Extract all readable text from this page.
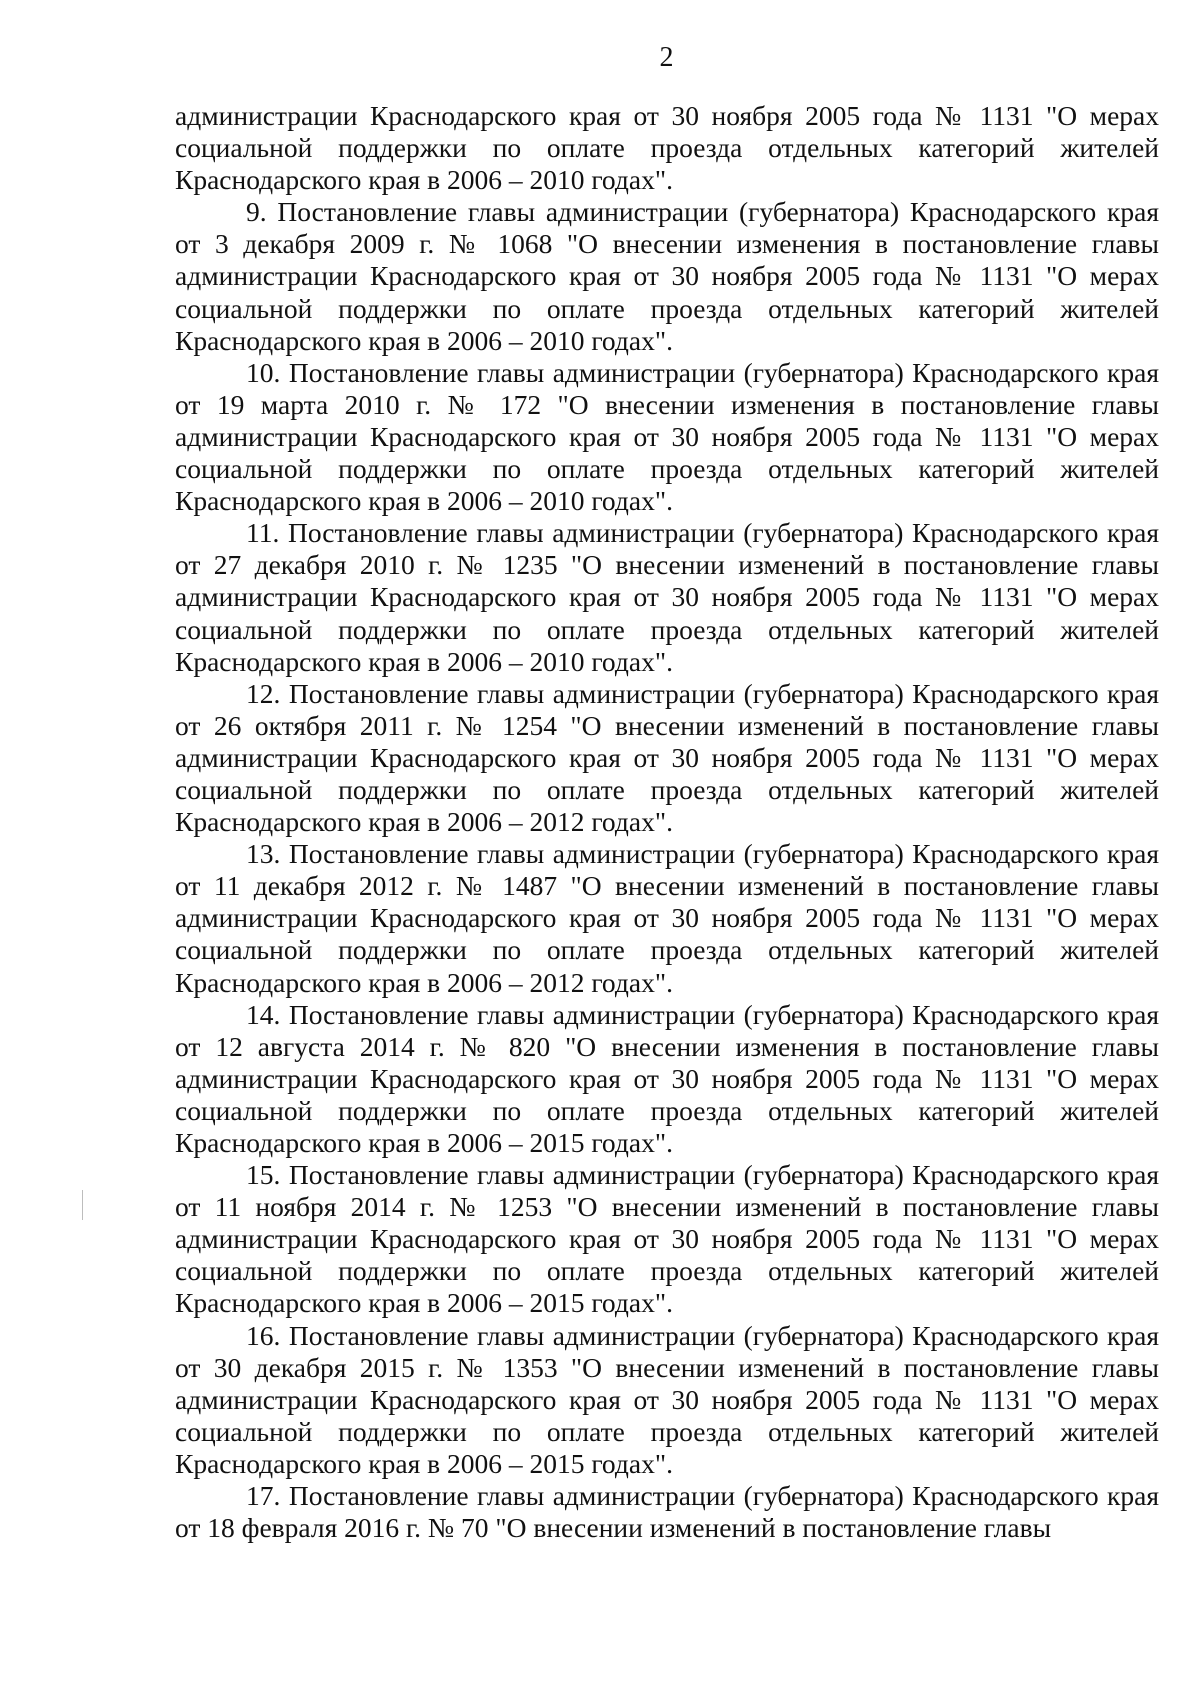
2

администрации Краснодарского края от 30 ноября 2005 года № 1131 "О мерах социальной поддержки по оплате проезда отдельных категорий жителей Краснодарского края в 2006 – 2010 годах".

9. Постановление главы администрации (губернатора) Краснодарского края от 3 декабря 2009 г. № 1068 "О внесении изменения в постановление главы администрации Краснодарского края от 30 ноября 2005 года № 1131 "О мерах социальной поддержки по оплате проезда отдельных категорий жителей Краснодарского края в 2006 – 2010 годах".

10. Постановление главы администрации (губернатора) Краснодарского края от 19 марта 2010 г. № 172 "О внесении изменения в постановление главы администрации Краснодарского края от 30 ноября 2005 года № 1131 "О мерах социальной поддержки по оплате проезда отдельных категорий жителей Краснодарского края в 2006 – 2010 годах".

11. Постановление главы администрации (губернатора) Краснодарского края от 27 декабря 2010 г. № 1235 "О внесении изменений в постановление главы администрации Краснодарского края от 30 ноября 2005 года № 1131 "О мерах социальной поддержки по оплате проезда отдельных категорий жителей Краснодарского края в 2006 – 2010 годах".

12. Постановление главы администрации (губернатора) Краснодарского края от 26 октября 2011 г. № 1254 "О внесении изменений в постановление главы администрации Краснодарского края от 30 ноября 2005 года № 1131 "О мерах социальной поддержки по оплате проезда отдельных категорий жителей Краснодарского края в 2006 – 2012 годах".

13. Постановление главы администрации (губернатора) Краснодарского края от 11 декабря 2012 г. № 1487 "О внесении изменений в постановление главы администрации Краснодарского края от 30 ноября 2005 года № 1131 "О мерах социальной поддержки по оплате проезда отдельных категорий жителей Краснодарского края в 2006 – 2012 годах".

14. Постановление главы администрации (губернатора) Краснодарского края от 12 августа 2014 г. № 820 "О внесении изменения в постановление главы администрации Краснодарского края от 30 ноября 2005 года № 1131 "О мерах социальной поддержки по оплате проезда отдельных категорий жителей Краснодарского края в 2006 – 2015 годах".

15. Постановление главы администрации (губернатора) Краснодарского края от 11 ноября 2014 г. № 1253 "О внесении изменений в постановление главы администрации Краснодарского края от 30 ноября 2005 года № 1131 "О мерах социальной поддержки по оплате проезда отдельных категорий жителей Краснодарского края в 2006 – 2015 годах".

16. Постановление главы администрации (губернатора) Краснодарского края от 30 декабря 2015 г. № 1353 "О внесении изменений в постановление главы администрации Краснодарского края от 30 ноября 2005 года № 1131 "О мерах социальной поддержки по оплате проезда отдельных категорий жителей Краснодарского края в 2006 – 2015 годах".

17. Постановление главы администрации (губернатора) Краснодарского края от 18 февраля 2016 г. № 70 "О внесении изменений в постановление главы
